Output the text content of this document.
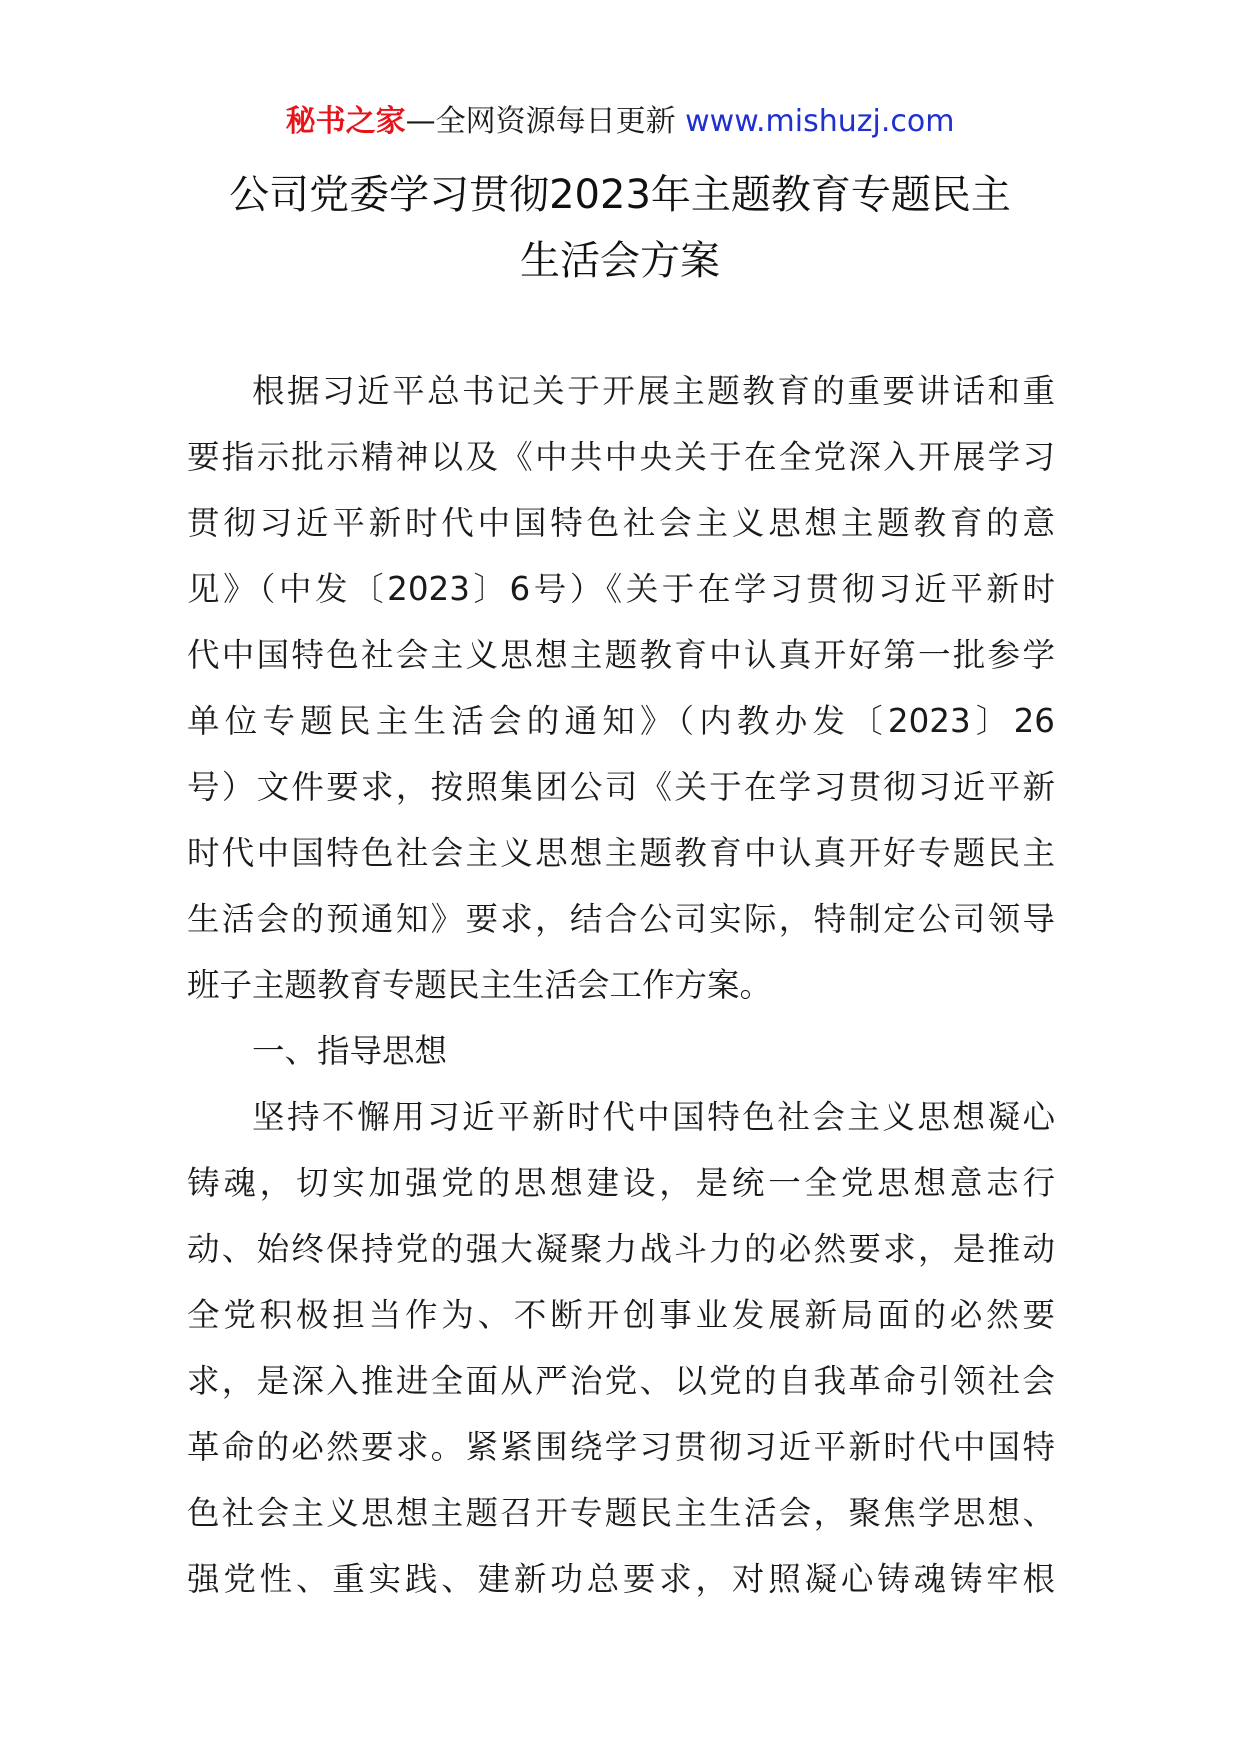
秘书之家—全网资源每日更新 www.mishuzj.com
公司党委学习贯彻2023年主题教育专题民主
生活会方案
根据习近平总书记关于开展主题教育的重要讲话和重
要指示批示精神以及《中共中央关于在全党深入开展学习
贯彻习近平新时代中国特色社会主义思想主题教育的意
见》（中发〔2023〕6号）《关于在学习贯彻习近平新时
代中国特色社会主义思想主题教育中认真开好第一批参学
单位专题民主生活会的通知》（内教办发〔2023〕26
号）文件要求，按照集团公司《关于在学习贯彻习近平新
时代中国特色社会主义思想主题教育中认真开好专题民主
生活会的预通知》要求，结合公司实际，特制定公司领导
班子主题教育专题民主生活会工作方案。
一、指导思想
坚持不懈用习近平新时代中国特色社会主义思想凝心
铸魂，切实加强党的思想建设，是统一全党思想意志行
动、始终保持党的强大凝聚力战斗力的必然要求，是推动
全党积极担当作为、不断开创事业发展新局面的必然要
求，是深入推进全面从严治党、以党的自我革命引领社会
革命的必然要求。紧紧围绕学习贯彻习近平新时代中国特
色社会主义思想主题召开专题民主生活会，聚焦学思想、
强党性、重实践、建新功总要求，对照凝心铸魂铸牢根
